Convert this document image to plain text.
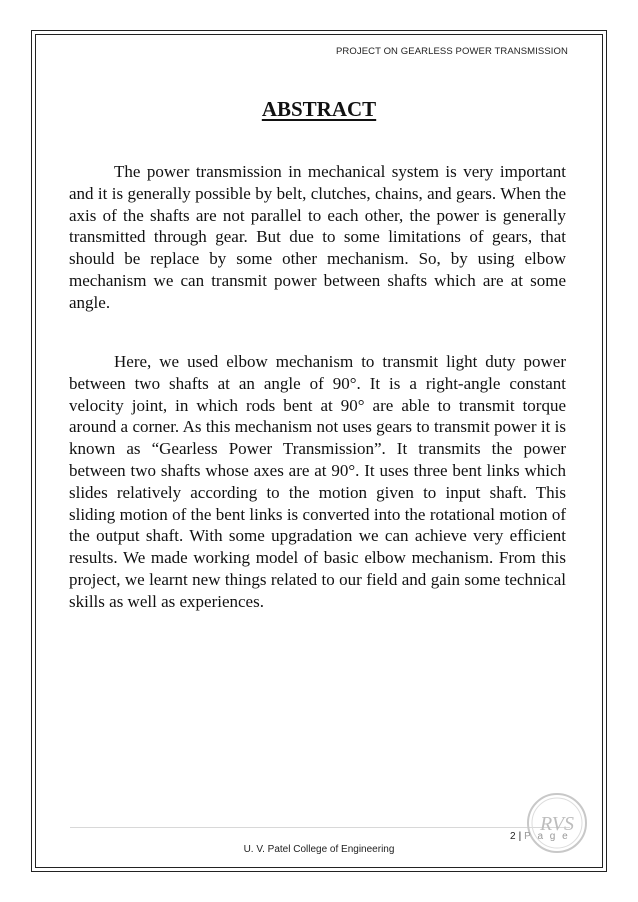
PROJECT ON GEARLESS POWER TRANSMISSION
ABSTRACT

The power transmission in mechanical system is very important and it is generally possible by belt, clutches, chains, and gears. When the axis of the shafts are not parallel to each other, the power is generally transmitted through gear. But due to some limitations of gears, that should be replace by some other mechanism. So, by using elbow mechanism we can transmit power between shafts which are at some angle.

Here, we used elbow mechanism to transmit light duty power between two shafts at an angle of 90°. It is a right-angle constant velocity joint, in which rods bent at 90° are able to transmit torque around a corner. As this mechanism not uses gears to transmit power it is known as “Gearless Power Transmission”. It transmits the power between two shafts whose axes are at 90°. It uses three bent links which slides relatively according to the motion given to input shaft. This sliding motion of the bent links is converted into the rotational motion of the output shaft. With some upgradation we can achieve very efficient results. We made working model of basic elbow mechanism. From this project, we learnt new things related to our field and gain some technical skills as well as experiences.

RVS
2 | P a g e
U. V. Patel College of Engineering
